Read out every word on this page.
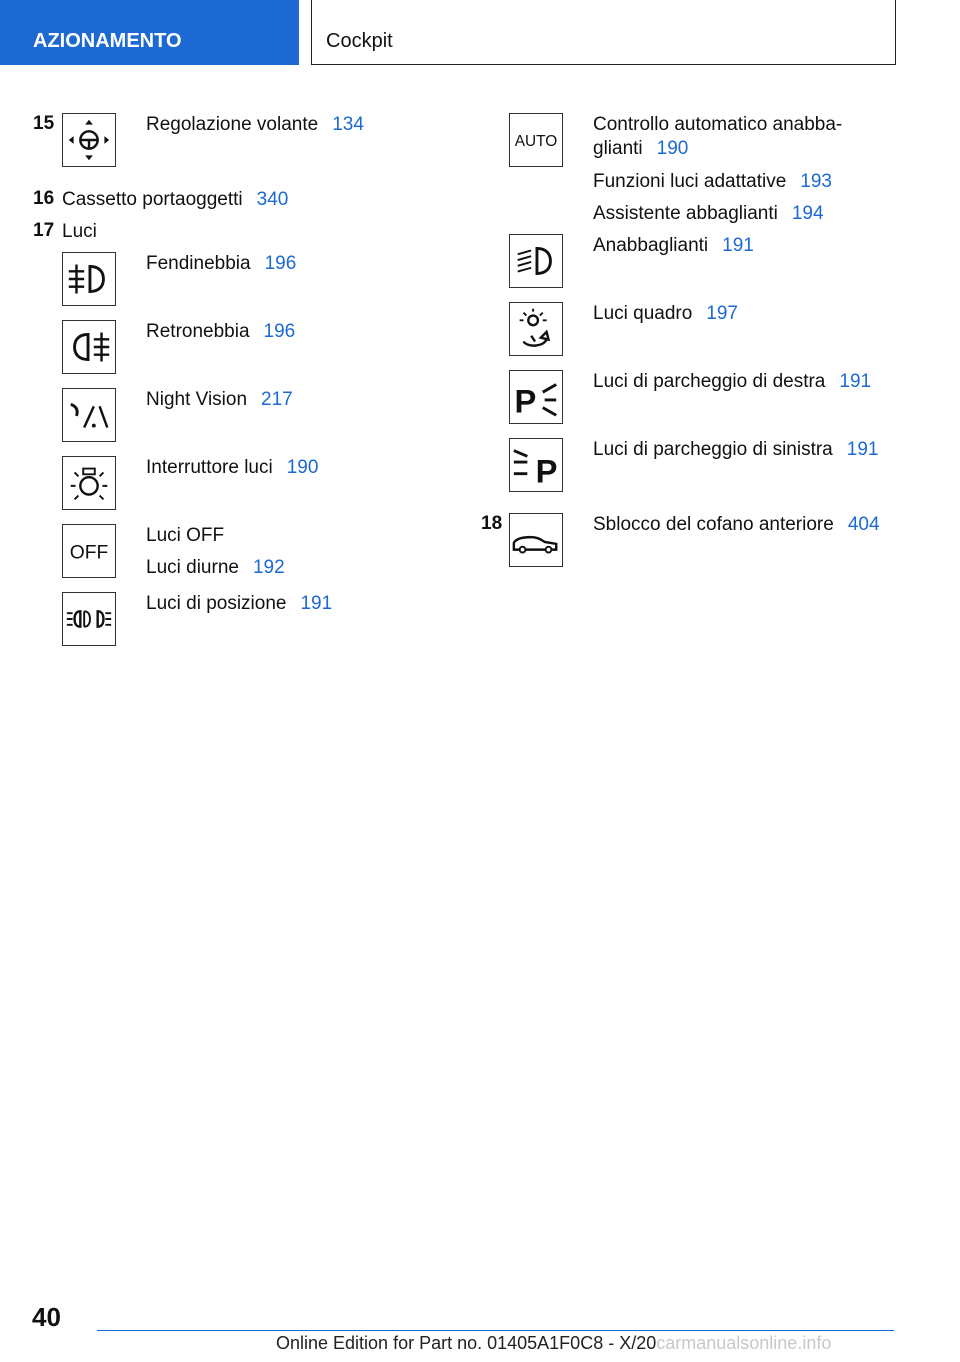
AZIONAMENTO	Cockpit
15	Regolazione volante 134
16 Cassetto portaoggetti 340
17 Luci
Fendinebbia 196
Retronebbia 196
Night Vision 217
Interruttore luci 190
OFF
Luci OFF
Luci diurne 192
Luci di posizione 191
AUTO
Controllo automatico anabba-
glianti 190
Funzioni luci adattative 193
Assistente abbaglianti 194
Anabbaglianti 191
Luci quadro 197
P
Luci di parcheggio di destra 191
P
Luci di parcheggio di sinistra 191
18	Sblocco del cofano anteriore 404
40
Online Edition for Part no. 01405A1F0C8 - X/20carmanualsonline.info
